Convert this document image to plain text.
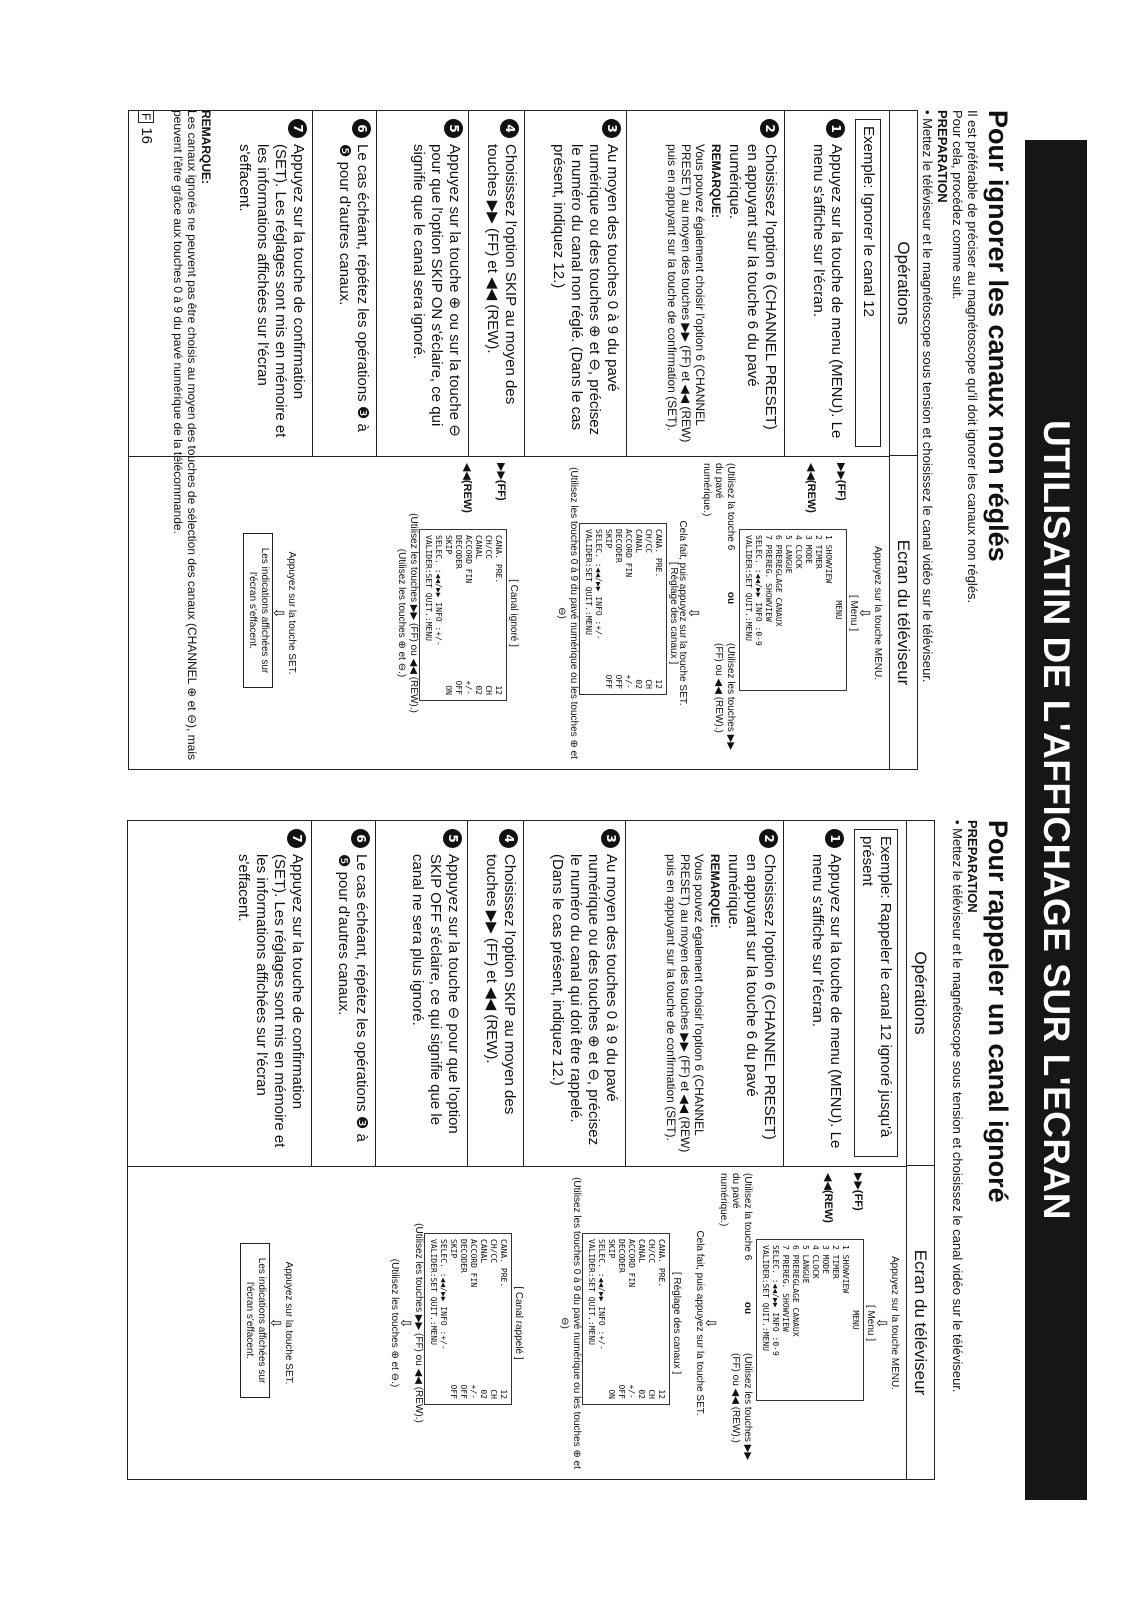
UTILISATIN DE L'AFFICHAGE SUR L'ECRAN
Pour ignorer les canaux non réglés
Il est préférable de préciser au magnétoscope qu'il doit ignorer les canaux non réglés.
Pour cela, procédez comme suit.
PREPARATION
• Mettez le téléviseur et le magnétoscope sous tension et choisissez le canal vidéo sur le téléviseur.
Opérations
Ecran du téléviseur
Exemple: Ignorer le canal 12
1Appuyez sur la touche de menu (MENU). Le menu s'affiche sur l'écran.
2Choisissez l'option 6 (CHANNEL PRESET) en appuyant sur la touche 6 du pavé numérique.
REMARQUE:
Vous pouvez également choisir l'option 6 (CHANNEL PRESET) au moyen des touches ▶▶ (FF) et ◀◀ (REW) puis en appuyant sur la touche de confirmation (SET).
3Au moyen des touches 0 à 9 du pavé numérique ou des touches ⊕ et ⊖, précisez le numéro du canal non réglé. (Dans le cas présent, indiquez 12.)
4Choisissez l'option SKIP au moyen des touches ▶▶ (FF) et ◀◀ (REW).
5Appuyez sur la touche ⊕ ou sur la touche ⊖ pour que l'option SKIP ON s'éclaire, ce qui signifie que le canal sera ignoré.
6Le cas échéant, répétez les opérations ❸ à ❺ pour d'autres canaux.
7Appuyez sur la touche de confirmation (SET). Les réglages sont mis en mémoire et les informations affichées sur l'écran s'effacent.
Appuyez sur la touche MENU.
⇩
[ Menu ]
▶▶(FF)
◀◀(REW)
MENU
1 SHOWVIEW
2 TIMER
3 MODE
4 CLOCK
5 LANGUE
6 PREREGLAGE CANAUX
7 PREREG. SHOWVIEW
SELEC. :◀◀/▶▶ INFO :0-9
VALIDER:SET QUIT.:MENU
(Utilisez la touche 6 du pavé numérique.)
ou
(Utilisez les touches ▶▶ (FF) ou ◀◀ (REW).)
⇩
Cela fait, puis appuyez sur la touche SET.
[ Réglage des canaux ]
CANA. PRE.
12
CH/CC
CH
CANAL
02
ACCORD FIN
+/-
DECODER
OFF
SKIP
OFF
SELEC. :◀◀/▶▶ INFO :+/-
VALIDER:SET QUIT.:MENU
(Utilisez les touches 0 à 9 du pavé numérique ou les touches ⊕ et ⊖)
[ Canal ignoré ]
▶▶(FF)
◀◀(REW)
CANA. PRE.
12
CH/CC
CH
CANAL
02
ACCORD FIN
+/-
DECODER
OFF
SKIP
ON
SELEC. :◀◀/▶▶ INFO :+/-
VALIDER:SET QUIT.:MENU
(Utilisez les touches ▶▶ (FF) ou ◀◀ (REW).)
(Utilisez les touches ⊕ et ⊖.)
Appuyez sur la touche SET.
⇩
Les indications affichées sur l'écran s'effacent.
REMARQUE:
Les canaux ignorés ne peuvent pas être choisis au moyen des touches de sélection des canaux (CHANNEL ⊕ et ⊖), mais peuvent l'être grâce aux touches 0 à 9 du pavé numérique de la télécommande.
F16
Pour rappeler un canal ignoré
PREPARATION
• Mettez le téléviseur et le magnétoscope sous tension et choisissez le canal vidéo sur le téléviseur.
Opérations
Ecran du téléviseur
Exemple: Rappeler le canal 12 ignoré jusqu'à présent
1Appuyez sur la touche de menu (MENU). Le menu s'affiche sur l'écran.
2Choisissez l'option 6 (CHANNEL PRESET) en appuyant sur la touche 6 du pavé numérique.
REMARQUE:
Vous pouvez également choisir l'option 6 (CHANNEL PRESET) au moyen des touches ▶▶ (FF) et ◀◀ (REW) puis en appuyant sur la touche de confirmation (SET).
3Au moyen des touches 0 à 9 du pavé numérique ou des touches ⊕ et ⊖, précisez le numéro du canal qui doit être rappelé. (Dans le cas présent, indiquez 12.)
4Choisissez l'option SKIP au moyen des touches ▶▶ (FF) et ◀◀ (REW).
5Appuyez sur la touche ⊖ pour que l'option SKIP OFF s'éclaire, ce qui signifie que le canal ne sera plus ignoré.
6Le cas échéant, répétez les opérations ❸ à ❺ pour d'autres canaux.
7Appuyez sur la touche de confirmation (SET). Les réglages sont mis en mémoire et les informations affichées sur l'écran s'effacent.
Appuyez sur la touche MENU.
⇩
[ Menu ]
▶▶(FF)
◀◀(REW)
MENU
1 SHOWVIEW
2 TIMER
3 MODE
4 CLOCK
5 LANGUE
6 PREREGLAGE CANAUX
7 PREREG. SHOWVIEW
SELEC. :◀◀/▶▶ INFO :0-9
VALIDER:SET QUIT.:MENU
(Utilisez la touche 6 du pavé numérique.)
ou
(Utilisez les touches ▶▶ (FF) ou ◀◀ (REW).)
⇩
Cela fait, puis appuyez sur la touche SET.
[ Réglage des canaux ]
CANA. PRE.
12
CH/CC
CH
CANAL
02
ACCORD FIN
+/-
DECODER
OFF
SKIP
ON
SELEC. :◀◀/▶▶ INFO :+/-
VALIDER:SET QUIT.:MENU
(Utilisez les touches 0 à 9 du pavé numérique ou les touches ⊕ et ⊖)
[ Canal rappelé ]
CANA. PRE.
12
CH/CC
CH
CANAL
02
ACCORD FIN
+/-
DECODER
OFF
SKIP
OFF
SELEC. :◀◀/▶▶ INFO :+/-
VALIDER:SET QUIT.:MENU
(Utilisez les touches ▶▶ (FF) ou ◀◀ (REW).)
⇩
(Utilisez les touches ⊕ et ⊖.)
Appuyez sur la touche SET.
⇩
Les indications affichées sur l'écran s'effacent.
